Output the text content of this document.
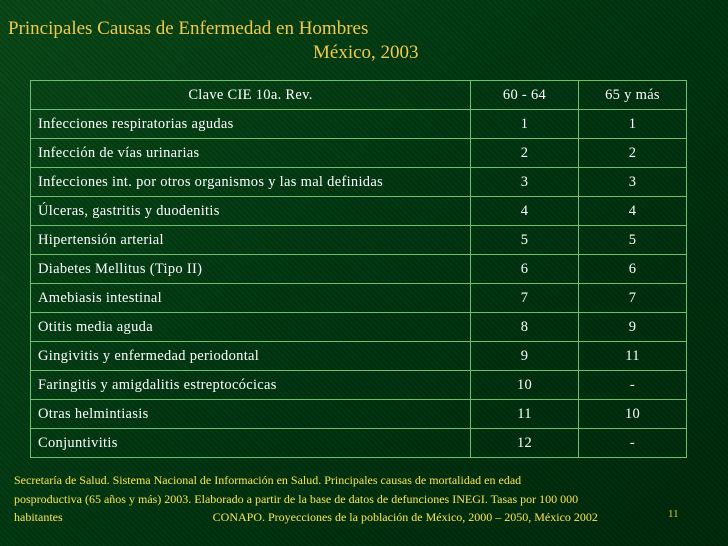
Principales Causas de Enfermedad en Hombres
México, 2003
Clave CIE 10a. Rev.	60 - 64	65 y más
Infecciones respiratorias agudas	1	1
Infección de vías urinarias	2	2
Infecciones int. por otros organismos y las mal definidas	3	3
Úlceras, gastritis y duodenitis	4	4
Hipertensión arterial	5	5
Diabetes Mellitus (Tipo II)	6	6
Amebiasis intestinal	7	7
Otitis media aguda	8	9
Gingivitis y enfermedad periodontal	9	11
Faringitis y amigdalitis estreptocócicas	10	-
Otras helmintiasis	11	10
Conjuntivitis	12	-
Secretaría de Salud. Sistema Nacional de Información en Salud. Principales causas de mortalidad en edad
posproductiva (65 años y más) 2003. Elaborado a partir de la base de datos de defunciones INEGI. Tasas por 100 000
habitantes	CONAPO. Proyecciones de la población de México, 2000 – 2050, México 2002	11
